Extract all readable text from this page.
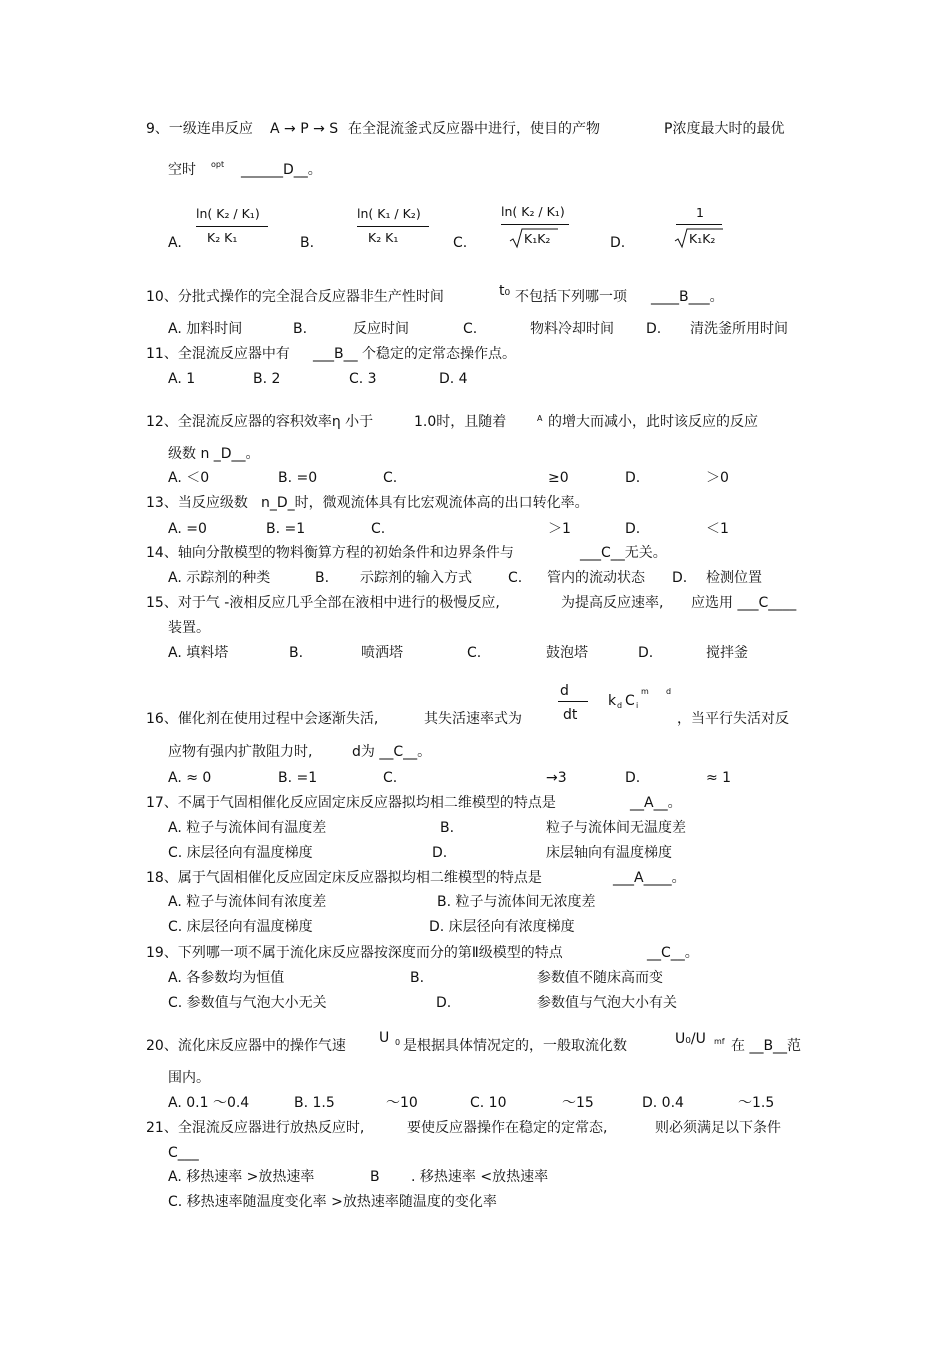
9、一级连串反应 A → P → S 在全混流釜式反应器中进行，使目的产物	P浓度最大时的最优
空时 opt ______D__。
A.
ln( K₂ / K₁)
K₂ K₁	B.
ln( K₁ / K₂)
K₂ K₁	C.
ln( K₂ / K₁)
K₁K₂	D.
1
K₁K₂
10、分批式操作的完全混合反应器非生产性时间	t₀ 不包括下列哪一项 ____B___。
A. 加料时间	B.	反应时间	C.	物料冷却时间 D. 清洗釜所用时间
11、全混流反应器中有 ___B__ 个稳定的定常态操作点。
A. 1	B. 2	C. 3	D. 4
12、全混流反应器的容积效率η 小于	1.0时，且随着	A 的增大而减小，此时该反应的反应
级数 n _D__。
A. ＜0	B. =0	C.	≥0	D.	＞0
13、当反应级数 n_D_时，微观流体具有比宏观流体高的出口转化率。
A. =0	B. =1	C.	＞1	D.	＜1
14、轴向分散模型的物料衡算方程的初始条件和边界条件与	___C__无关。
A. 示踪剂的种类	B. 示踪剂的输入方式	C. 管内的流动状态 D. 检测位置
15、对于气 -液相反应几乎全部在液相中进行的极慢反应,	为提高反应速率, 应选用 ___C____
装置。
A. 填料塔	B.	喷洒塔	C.	鼓泡塔	D.	搅拌釜
16、催化剂在使用过程中会逐渐失活,	其失活速率式为
d
dt
k d C i
m d
，当平行失活对反
应物有强内扩散阻力时,	d为 __C__。
A. ≈ 0	B. =1	C.	→3	D.	≈ 1
17、不属于气固相催化反应固定床反应器拟均相二维模型的特点是	__A__。
A. 粒子与流体间有温度差	B.	粒子与流体间无温度差
C. 床层径向有温度梯度	D.	床层轴向有温度梯度
18、属于气固相催化反应固定床反应器拟均相二维模型的特点是	___A____。
A. 粒子与流体间有浓度差	B. 粒子与流体间无浓度差
C. 床层径向有温度梯度	D. 床层径向有浓度梯度
19、下列哪一项不属于流化床反应器按深度而分的第Ⅱ级模型的特点	__C__。
A. 各参数均为恒值	B.	参数值不随床高而变
C. 参数值与气泡大小无关	D.	参数值与气泡大小有关
20、流化床反应器中的操作气速 U 0 是根据具体情况定的，一般取流化数	U₀/U mf 在 __B__范
围内。
A. 0.1 ～0.4	B. 1.5	～10	C. 10	～15	D. 0.4	～1.5
21、全混流反应器进行放热反应时,	要使反应器操作在稳定的定常态,	则必须满足以下条件
C___
A. 移热速率 >放热速率	B . 移热速率 <放热速率
C. 移热速率随温度变化率 >放热速率随温度的变化率
